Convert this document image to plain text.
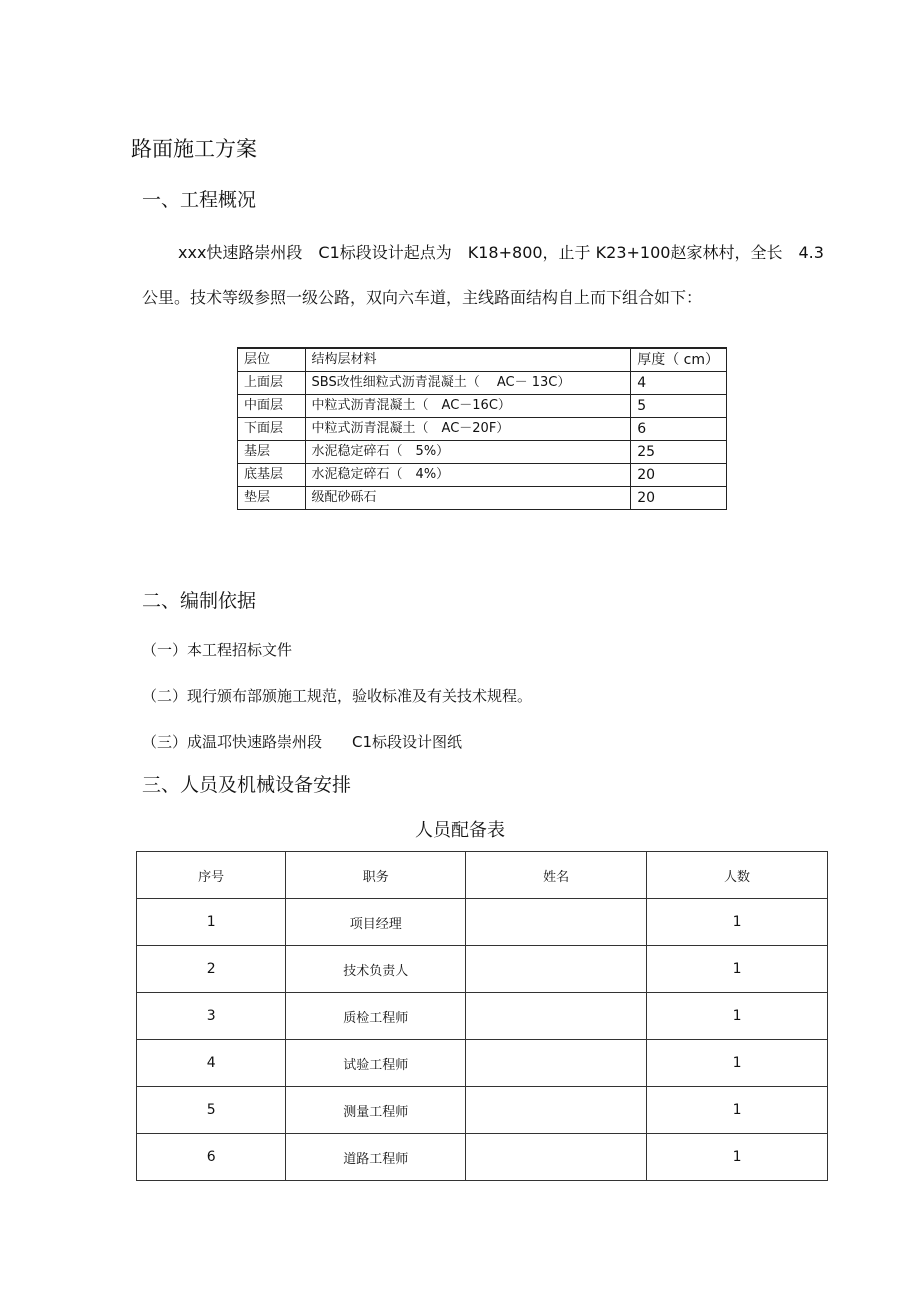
路面施工方案
一、工程概况
xxx快速路崇州段　C1标段设计起点为　K18+800，止于 K23+100赵家林村，全长　4.3
公里。技术等级参照一级公路，双向六车道，主线路面结构自上而下组合如下：
层位	结构层材料	厚度（ cm）
上面层	SBS改性细粒式沥青混凝土（　 AC－ 13C）	4
中面层	中粒式沥青混凝土（　AC－16C）	5
下面层	中粒式沥青混凝土（　AC－20F）	6
基层	水泥稳定碎石（　5%）	25
底基层	水泥稳定碎石（　4%）	20
垫层	级配砂砾石	20
二、编制依据
（一）本工程招标文件
（二）现行颁布部颁施工规范，验收标准及有关技术规程。
（三）成温邛快速路崇州段　　C1标段设计图纸
三、人员及机械设备安排
人员配备表
序号	职务	姓名	人数
1	项目经理		1
2	技术负责人		1
3	质检工程师		1
4	试验工程师		1
5	测量工程师		1
6	道路工程师		1
